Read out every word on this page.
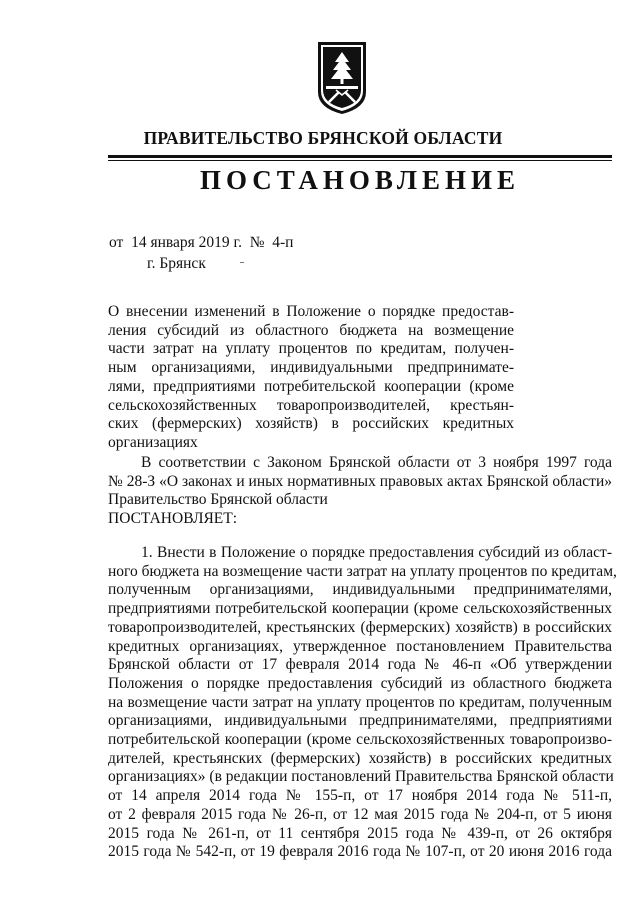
ПРАВИТЕЛЬСТВО БРЯНСКОЙ ОБЛАСТИ
ПОСТАНОВЛЕНИЕ
от  14 января 2019 г.  №  4-п
г. Брянск
О внесении изменений в Положение о порядке предостав-
ления субсидий из областного бюджета на возмещение
части затрат на уплату процентов по кредитам, получен-
ным организациями, индивидуальными предпринимате-
лями, предприятиями потребительской кооперации (кроме
сельскохозяйственных товаропроизводителей, крестьян-
ских (фермерских) хозяйств) в российских кредитных
организациях
В соответствии с Законом Брянской области от 3 ноября 1997 года
№ 28-З «О законах и иных нормативных правовых актах Брянской области»
Правительство Брянской области
ПОСТАНОВЛЯЕТ:
1. Внести в Положение о порядке предоставления субсидий из област-
ного бюджета на возмещение части затрат на уплату процентов по кредитам,
полученным организациями, индивидуальными предпринимателями,
предприятиями потребительской кооперации (кроме сельскохозяйственных
товаропроизводителей, крестьянских (фермерских) хозяйств) в российских
кредитных организациях, утвержденное постановлением Правительства
Брянской области от 17 февраля 2014 года № 46-п «Об утверждении
Положения о порядке предоставления субсидий из областного бюджета
на возмещение части затрат на уплату процентов по кредитам, полученным
организациями, индивидуальными предпринимателями, предприятиями
потребительской кооперации (кроме сельскохозяйственных товаропроизво-
дителей, крестьянских (фермерских) хозяйств) в российских кредитных
организациях» (в редакции постановлений Правительства Брянской области
от 14 апреля 2014 года № 155-п, от 17 ноября 2014 года № 511-п,
от 2 февраля 2015 года № 26-п, от 12 мая 2015 года № 204-п, от 5 июня
2015 года № 261-п, от 11 сентября 2015 года № 439-п, от 26 октября
2015 года № 542-п, от 19 февраля 2016 года № 107-п, от 20 июня 2016 года
